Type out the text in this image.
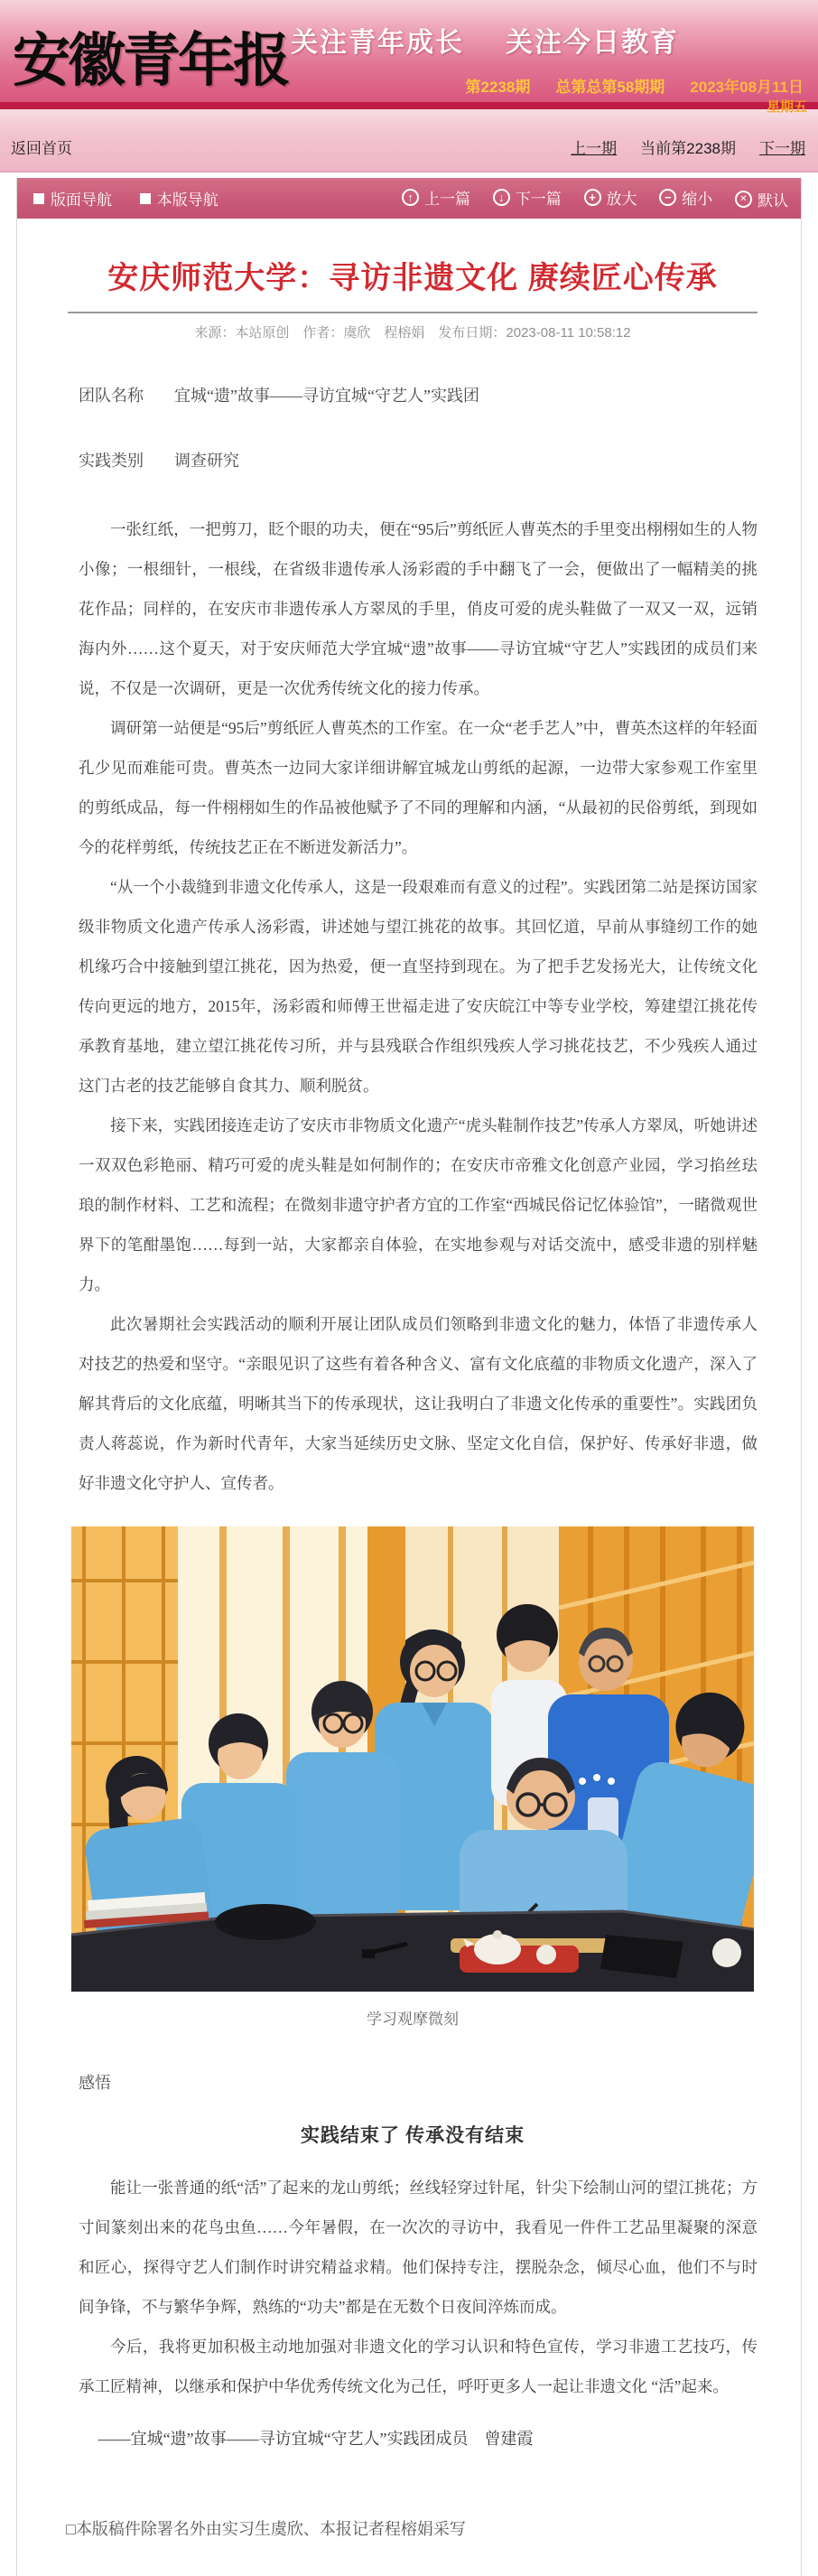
安徽青年报 关注青年成长 关注今日教育
第2238期 总第总第58期期 2023年08月11日
星期五
返回首页	上一期 当前第2238期 下一期
版面导航
	本版导航 ↑	上一篇
↓	下一篇
+	放大
−	缩小
✕	默认
安庆师范大学：寻访非遗文化 赓续匠心传承
来源：本站原创　作者：虞欣　程榕娟　发布日期：2023-08-11 10:58:12
团队名称 宜城“遗”故事——寻访宜城“守艺人”实践团
实践类别 调查研究

一张红纸，一把剪刀，眨个眼的功夫，便在“95后”剪纸匠人曹英杰的手里变出栩栩如生的人物小像；一根细针，一根线，在省级非遗传承人汤彩霞的手中翻飞了一会，便做出了一幅精美的挑花作品；同样的，在安庆市非遗传承人方翠凤的手里，俏皮可爱的虎头鞋做了一双又一双，远销海内外……这个夏天，对于安庆师范大学宜城“遗”故事——寻访宜城“守艺人”实践团的成员们来说，不仅是一次调研，更是一次优秀传统文化的接力传承。

调研第一站便是“95后”剪纸匠人曹英杰的工作室。在一众“老手艺人”中，曹英杰这样的年轻面孔少见而难能可贵。曹英杰一边同大家详细讲解宜城龙山剪纸的起源，一边带大家参观工作室里的剪纸成品，每一件栩栩如生的作品被他赋予了不同的理解和内涵，“从最初的民俗剪纸，到现如今的花样剪纸，传统技艺正在不断迸发新活力”。

“从一个小裁缝到非遗文化传承人，这是一段艰难而有意义的过程”。实践团第二站是探访国家级非物质文化遗产传承人汤彩霞，讲述她与望江挑花的故事。其回忆道，早前从事缝纫工作的她机缘巧合中接触到望江挑花，因为热爱，便一直坚持到现在。为了把手艺发扬光大，让传统文化传向更远的地方，2015年，汤彩霞和师傅王世福走进了安庆皖江中等专业学校，筹建望江挑花传承教育基地，建立望江挑花传习所，并与县残联合作组织残疾人学习挑花技艺，不少残疾人通过这门古老的技艺能够自食其力、顺利脱贫。

接下来，实践团接连走访了安庆市非物质文化遗产“虎头鞋制作技艺”传承人方翠凤，听她讲述一双双色彩艳丽、精巧可爱的虎头鞋是如何制作的；在安庆市帝雅文化创意产业园，学习掐丝珐琅的制作材料、工艺和流程；在微刻非遗守护者方宜的工作室“西城民俗记忆体验馆”，一睹微观世界下的笔酣墨饱……每到一站，大家都亲自体验，在实地参观与对话交流中，感受非遗的别样魅力。

此次暑期社会实践活动的顺利开展让团队成员们领略到非遗文化的魅力，体悟了非遗传承人对技艺的热爱和坚守。“亲眼见识了这些有着各种含义、富有文化底蕴的非物质文化遗产，深入了解其背后的文化底蕴，明晰其当下的传承现状，这让我明白了非遗文化传承的重要性”。实践团负责人蒋蕊说，作为新时代青年，大家当延续历史文脉、坚定文化自信，保护好、传承好非遗，做好非遗文化守护人、宣传者。

学习观摩微刻
感悟
实践结束了 传承没有结束

能让一张普通的纸“活”了起来的龙山剪纸；丝线轻穿过针尾，针尖下绘制山河的望江挑花；方寸间篆刻出来的花鸟虫鱼……今年暑假，在一次次的寻访中，我看见一件件工艺品里凝聚的深意和匠心，探得守艺人们制作时讲究精益求精。他们保持专注，摆脱杂念，倾尽心血，他们不与时间争锋，不与繁华争辉，熟练的“功夫”都是在无数个日夜间淬炼而成。

今后，我将更加积极主动地加强对非遗文化的学习认识和特色宣传，学习非遗工艺技巧，传承工匠精神，以继承和保护中华优秀传统文化为己任，呼吁更多人一起让非遗文化 “活”起来。

——宜城“遗”故事——寻访宜城“守艺人”实践团成员　曾建霞

□本版稿件除署名外由实习生虞欣、本报记者程榕娟采写
